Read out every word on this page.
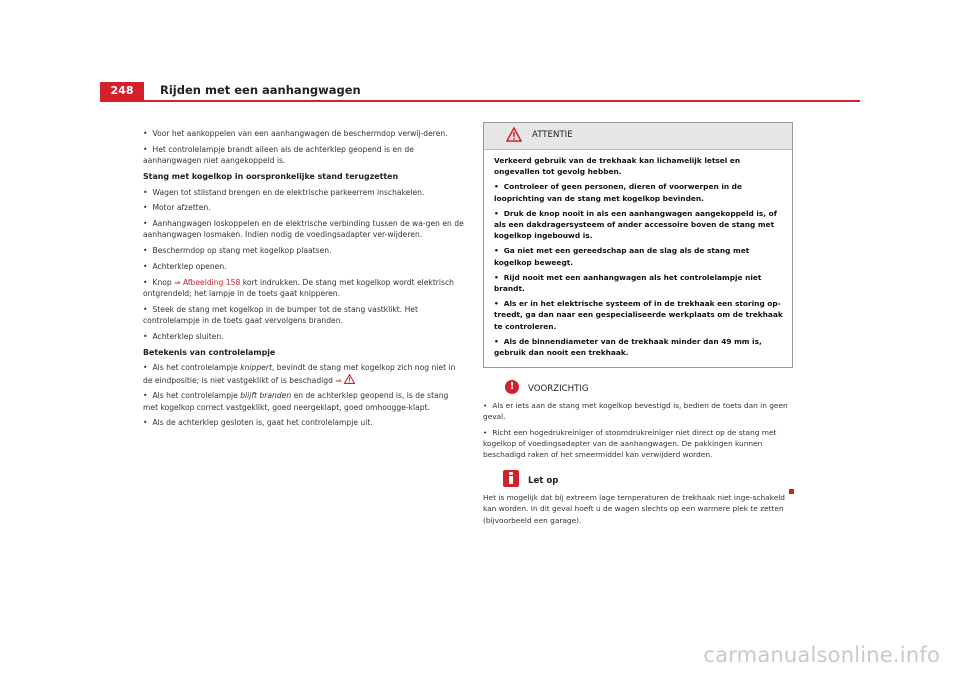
248	Rijden met een aanhangwagen

• Voor het aankoppelen van een aanhangwagen de beschermdop verwij-deren.

• Het controlelampje brandt alleen als de achterklep geopend is en de aanhangwagen niet aangekoppeld is.

Stang met kogelkop in oorspronkelijke stand terugzetten

• Wagen tot stilstand brengen en de elektrische parkeerrem inschakelen.

• Motor afzetten.

• Aanhangwagen loskoppelen en de elektrische verbinding tussen de wa-gen en de aanhangwagen losmaken. Indien nodig de voedingsadapter ver-wijderen.

• Beschermdop op stang met kogelkop plaatsen.

• Achterklep openen.

• Knop ⇒ Afbeelding 158 kort indrukken. De stang met kogelkop wordt elektrisch ontgrendeld; het lampje in de toets gaat knipperen.

• Steek de stang met kogelkop in de bumper tot de stang vastklikt. Het controlelampje in de toets gaat vervolgens branden.

• Achterklep sluiten.

Betekenis van controlelampje

• Als het controlelampje knippert, bevindt de stang met kogelkop zich nog niet in de eindpositie; is niet vastgeklikt of is beschadigd ⇒

• Als het controlelampje blijft branden en de achterklep geopend is, is de stang met kogelkop correct vastgeklikt, goed neergeklapt, goed omhoogge-klapt.

• Als de achterklep gesloten is, gaat het controlelampje uit.

ATTENTIE

Verkeerd gebruik van de trekhaak kan lichamelijk letsel en ongevallen tot gevolg hebben.

• Controleer of geen personen, dieren of voorwerpen in de looprichting van de stang met kogelkop bevinden.

• Druk de knop nooit in als een aanhangwagen aangekoppeld is, of als een dakdragersysteem of ander accessoire boven de stang met kogelkop ingebouwd is.

• Ga niet met een gereedschap aan de slag als de stang met kogelkop beweegt.

• Rijd nooit met een aanhangwagen als het controlelampje niet brandt.

• Als er in het elektrische systeem of in de trekhaak een storing op-treedt, ga dan naar een gespecialiseerde werkplaats om de trekhaak te controleren.

• Als de binnendiameter van de trekhaak minder dan 49 mm is, gebruik dan nooit een trekhaak.

!	VOORZICHTIG

• Als er iets aan de stang met kogelkop bevestigd is, bedien de toets dan in geen geval.

• Richt een hogedrukreiniger of stoomdrukreiniger niet direct op de stang met kogelkop of voedingsadapter van de aanhangwagen. De pakkingen kunnen beschadigd raken of het smeermiddel kan verwijderd worden.

Let op

Het is mogelijk dat bij extreem lage temperaturen de trekhaak niet inge-schakeld kan worden. In dit geval hoeft u de wagen slechts op een warmere plek te zetten (bijvoorbeeld een garage).

carmanualsonline.info
